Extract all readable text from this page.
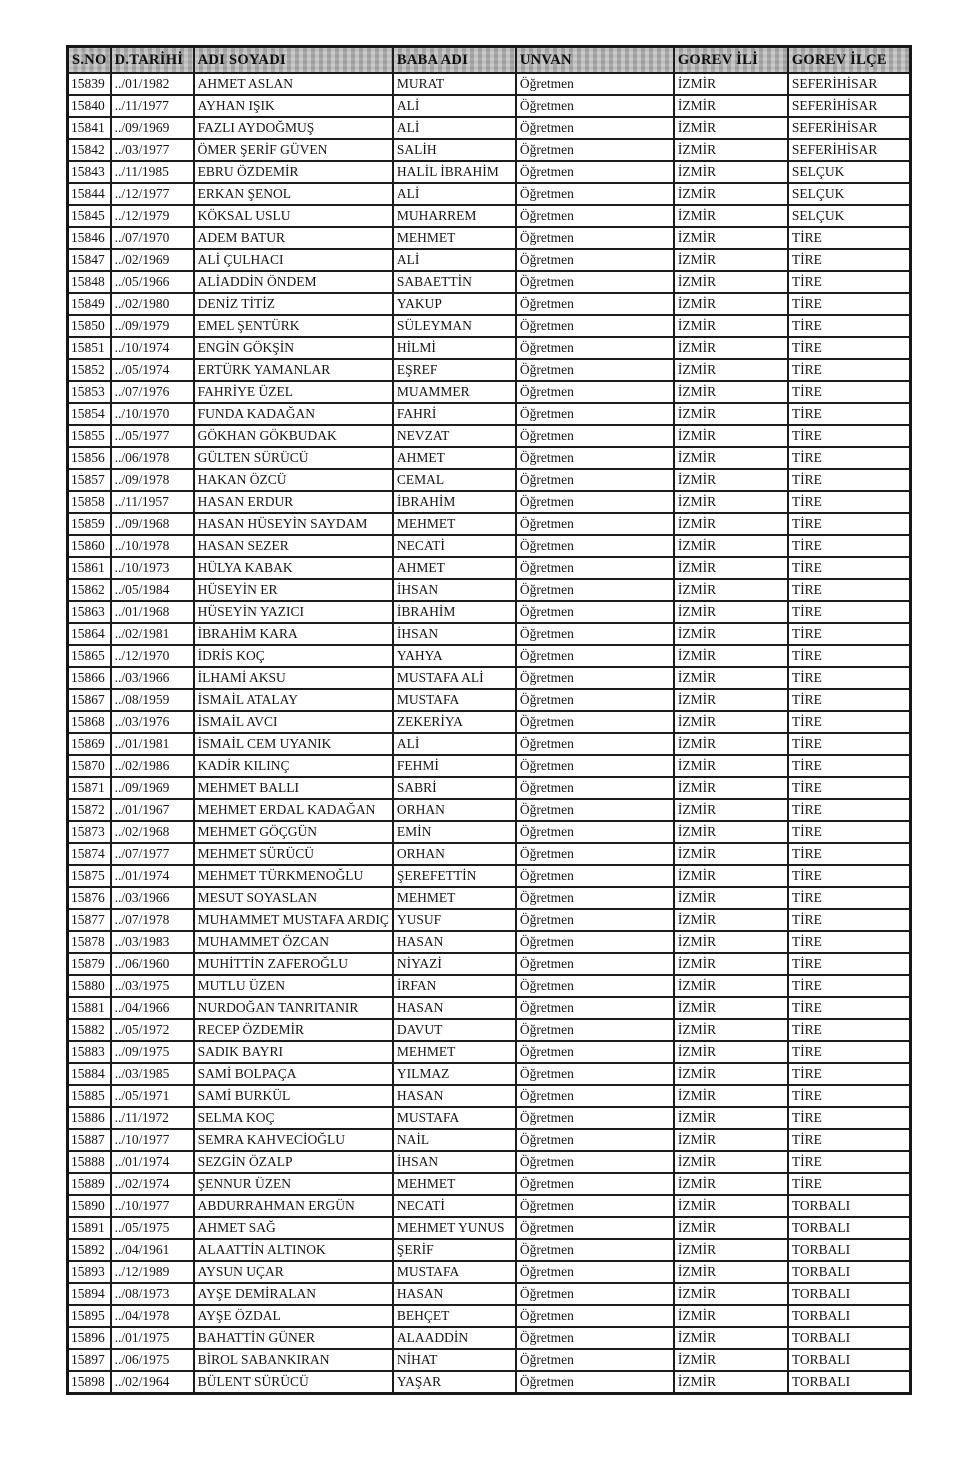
S.NO	D.TARİHİ	ADI SOYADI	BABA ADI	UNVAN	GOREV İLİ	GOREV İLÇE
15839	../01/1982	AHMET ASLAN	MURAT	Öğretmen	İZMİR	SEFERİHİSAR
15840	../11/1977	AYHAN IŞIK	ALİ	Öğretmen	İZMİR	SEFERİHİSAR
15841	../09/1969	FAZLI AYDOĞMUŞ	ALİ	Öğretmen	İZMİR	SEFERİHİSAR
15842	../03/1977	ÖMER ŞERİF GÜVEN	SALİH	Öğretmen	İZMİR	SEFERİHİSAR
15843	../11/1985	EBRU ÖZDEMİR	HALİL İBRAHİM	Öğretmen	İZMİR	SELÇUK
15844	../12/1977	ERKAN ŞENOL	ALİ	Öğretmen	İZMİR	SELÇUK
15845	../12/1979	KÖKSAL USLU	MUHARREM	Öğretmen	İZMİR	SELÇUK
15846	../07/1970	ADEM BATUR	MEHMET	Öğretmen	İZMİR	TİRE
15847	../02/1969	ALİ ÇULHACI	ALİ	Öğretmen	İZMİR	TİRE
15848	../05/1966	ALİADDİN ÖNDEM	SABAETTİN	Öğretmen	İZMİR	TİRE
15849	../02/1980	DENİZ TİTİZ	YAKUP	Öğretmen	İZMİR	TİRE
15850	../09/1979	EMEL ŞENTÜRK	SÜLEYMAN	Öğretmen	İZMİR	TİRE
15851	../10/1974	ENGİN GÖKŞİN	HİLMİ	Öğretmen	İZMİR	TİRE
15852	../05/1974	ERTÜRK YAMANLAR	EŞREF	Öğretmen	İZMİR	TİRE
15853	../07/1976	FAHRİYE ÜZEL	MUAMMER	Öğretmen	İZMİR	TİRE
15854	../10/1970	FUNDA KADAĞAN	FAHRİ	Öğretmen	İZMİR	TİRE
15855	../05/1977	GÖKHAN GÖKBUDAK	NEVZAT	Öğretmen	İZMİR	TİRE
15856	../06/1978	GÜLTEN SÜRÜCÜ	AHMET	Öğretmen	İZMİR	TİRE
15857	../09/1978	HAKAN ÖZCÜ	CEMAL	Öğretmen	İZMİR	TİRE
15858	../11/1957	HASAN ERDUR	İBRAHİM	Öğretmen	İZMİR	TİRE
15859	../09/1968	HASAN HÜSEYİN SAYDAM	MEHMET	Öğretmen	İZMİR	TİRE
15860	../10/1978	HASAN SEZER	NECATİ	Öğretmen	İZMİR	TİRE
15861	../10/1973	HÜLYA KABAK	AHMET	Öğretmen	İZMİR	TİRE
15862	../05/1984	HÜSEYİN ER	İHSAN	Öğretmen	İZMİR	TİRE
15863	../01/1968	HÜSEYİN YAZICI	İBRAHİM	Öğretmen	İZMİR	TİRE
15864	../02/1981	İBRAHİM KARA	İHSAN	Öğretmen	İZMİR	TİRE
15865	../12/1970	İDRİS KOÇ	YAHYA	Öğretmen	İZMİR	TİRE
15866	../03/1966	İLHAMİ AKSU	MUSTAFA ALİ	Öğretmen	İZMİR	TİRE
15867	../08/1959	İSMAİL ATALAY	MUSTAFA	Öğretmen	İZMİR	TİRE
15868	../03/1976	İSMAİL AVCI	ZEKERİYA	Öğretmen	İZMİR	TİRE
15869	../01/1981	İSMAİL CEM UYANIK	ALİ	Öğretmen	İZMİR	TİRE
15870	../02/1986	KADİR KILINÇ	FEHMİ	Öğretmen	İZMİR	TİRE
15871	../09/1969	MEHMET BALLI	SABRİ	Öğretmen	İZMİR	TİRE
15872	../01/1967	MEHMET ERDAL KADAĞAN	ORHAN	Öğretmen	İZMİR	TİRE
15873	../02/1968	MEHMET GÖÇGÜN	EMİN	Öğretmen	İZMİR	TİRE
15874	../07/1977	MEHMET SÜRÜCÜ	ORHAN	Öğretmen	İZMİR	TİRE
15875	../01/1974	MEHMET TÜRKMENOĞLU	ŞEREFETTİN	Öğretmen	İZMİR	TİRE
15876	../03/1966	MESUT SOYASLAN	MEHMET	Öğretmen	İZMİR	TİRE
15877	../07/1978	MUHAMMET MUSTAFA ARDIÇ	YUSUF	Öğretmen	İZMİR	TİRE
15878	../03/1983	MUHAMMET ÖZCAN	HASAN	Öğretmen	İZMİR	TİRE
15879	../06/1960	MUHİTTİN ZAFEROĞLU	NİYAZİ	Öğretmen	İZMİR	TİRE
15880	../03/1975	MUTLU ÜZEN	İRFAN	Öğretmen	İZMİR	TİRE
15881	../04/1966	NURDOĞAN TANRITANIR	HASAN	Öğretmen	İZMİR	TİRE
15882	../05/1972	RECEP ÖZDEMİR	DAVUT	Öğretmen	İZMİR	TİRE
15883	../09/1975	SADIK BAYRI	MEHMET	Öğretmen	İZMİR	TİRE
15884	../03/1985	SAMİ BOLPAÇA	YILMAZ	Öğretmen	İZMİR	TİRE
15885	../05/1971	SAMİ BURKÜL	HASAN	Öğretmen	İZMİR	TİRE
15886	../11/1972	SELMA KOÇ	MUSTAFA	Öğretmen	İZMİR	TİRE
15887	../10/1977	SEMRA KAHVECİOĞLU	NAİL	Öğretmen	İZMİR	TİRE
15888	../01/1974	SEZGİN ÖZALP	İHSAN	Öğretmen	İZMİR	TİRE
15889	../02/1974	ŞENNUR ÜZEN	MEHMET	Öğretmen	İZMİR	TİRE
15890	../10/1977	ABDURRAHMAN ERGÜN	NECATİ	Öğretmen	İZMİR	TORBALI
15891	../05/1975	AHMET SAĞ	MEHMET YUNUS	Öğretmen	İZMİR	TORBALI
15892	../04/1961	ALAATTİN ALTINOK	ŞERİF	Öğretmen	İZMİR	TORBALI
15893	../12/1989	AYSUN UÇAR	MUSTAFA	Öğretmen	İZMİR	TORBALI
15894	../08/1973	AYŞE DEMİRALAN	HASAN	Öğretmen	İZMİR	TORBALI
15895	../04/1978	AYŞE ÖZDAL	BEHÇET	Öğretmen	İZMİR	TORBALI
15896	../01/1975	BAHATTİN GÜNER	ALAADDİN	Öğretmen	İZMİR	TORBALI
15897	../06/1975	BİROL SABANKIRAN	NİHAT	Öğretmen	İZMİR	TORBALI
15898	../02/1964	BÜLENT SÜRÜCÜ	YAŞAR	Öğretmen	İZMİR	TORBALI
